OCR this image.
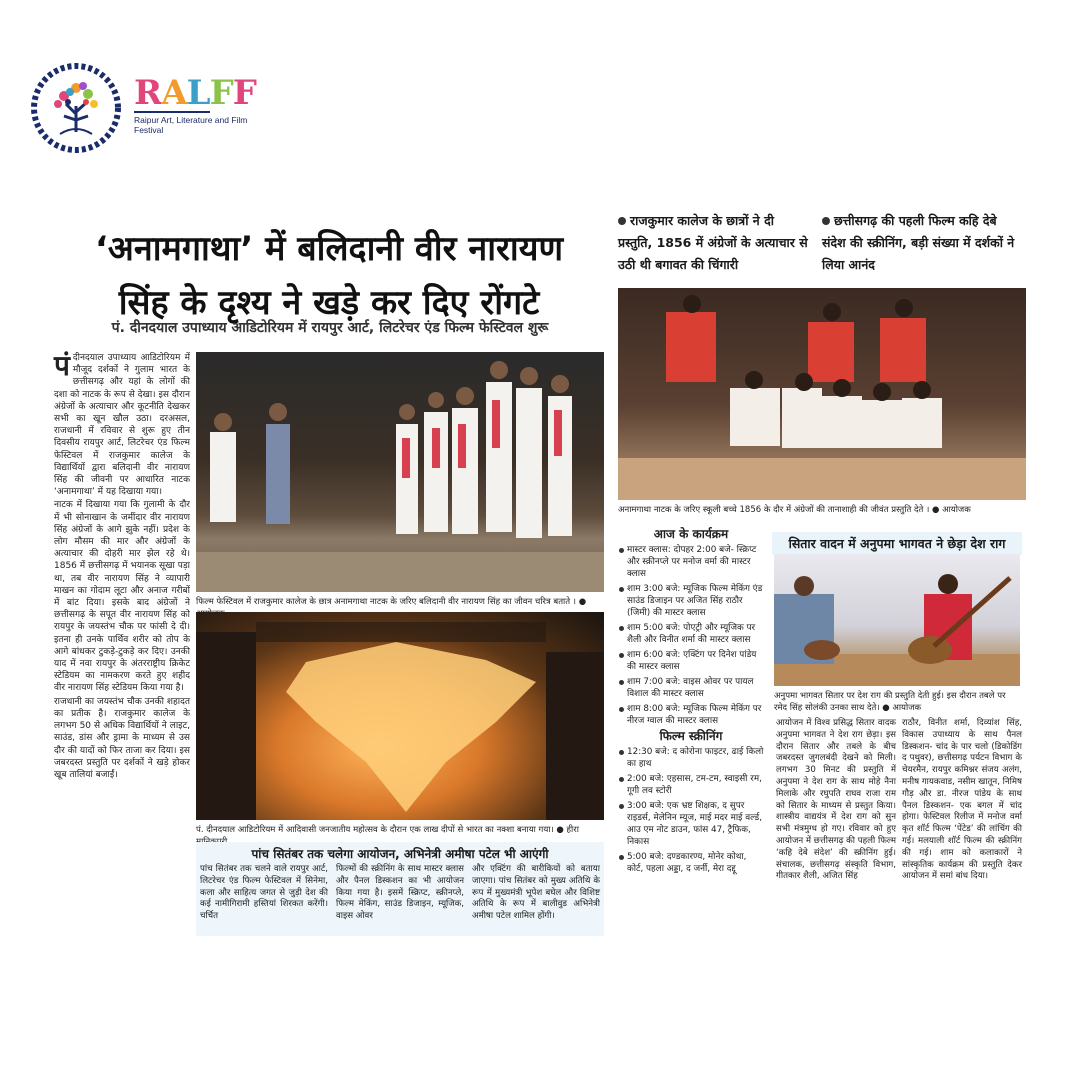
RALFF
Raipur Art, Literature and Film Festival
‘अनामगाथा’ में बलिदानी वीर नारायण
सिंह के दृश्य ने खड़े कर दिए रोंगटे
पं. दीनदयाल उपाध्याय आडिटोरियम में रायपुर आर्ट, लिटरेचर एंड फिल्म फेस्टिवल शुरू
राजकुमार कालेज के छात्रों ने दी प्रस्तुति, 1856 में अंग्रेजों के अत्याचार से उठी थी बगावत की चिंगारी
छत्तीसगढ़ की पहली फिल्म कहि देबे संदेश की स्क्रीनिंग, बड़ी संख्या में दर्शकों ने लिया आनंद

पंदीनदयाल उपाध्याय आडिटोरियम में मौजूद दर्शकों ने गुलाम भारत के छत्तीसगढ़ और यहां के लोगों की दशा को नाटक के रूप से देखा। इस दौरान अंग्रेजों के अत्याचार और कूटनीति देखकर सभी का खून खौल उठा। दरअसल, राजधानी में रविवार से शुरू हुए तीन दिवसीय रायपुर आर्ट, लिटरेचर एंड फिल्म फेस्टिवल में राजकुमार कालेज के विद्यार्थियों द्वारा बलिदानी वीर नारायण सिंह की जीवनी पर आधारित नाटक ‘अनामगाथा’ में यह दिखाया गया।

नाटक में दिखाया गया कि गुलामी के दौर में भी सोनाखान के जमींदार वीर नारायण सिंह अंग्रेजों के आगे झुके नहीं। प्रदेश के लोग मौसम की मार और अंग्रेजों के अत्याचार की दोहरी मार झेल रहे थे। 1856 में छत्तीसगढ़ में भयानक सूखा पड़ा था, तब वीर नारायण सिंह ने व्यापारी माखन का गोदाम लूटा और अनाज गरीबों में बांट दिया। इसके बाद अंग्रेजों ने छत्तीसगढ़ के सपूत वीर नारायण सिंह को रायपुर के जयस्तंभ चौक पर फांसी दे दी। इतना ही उनके पार्थिव शरीर को तोप के आगे बांधकर टुकड़े-टुकड़े कर दिए। उनकी याद में नवा रायपुर के अंतरराष्ट्रीय क्रिकेट स्टेडियम का नामकरण करते हुए शहीद वीर नारायण सिंह स्टेडियम किया गया है।

राजधानी का जयस्तंभ चौक उनकी शहादत का प्रतीक है। राजकुमार कालेज के लगभग 50 से अधिक विद्यार्थियों ने लाइट, साउंड, डांस और ड्रामा के माध्यम से उस दौर की यादों को फिर ताजा कर दिया। इस जबरदस्त प्रस्तुति पर दर्शकों ने खड़े होकर खूब तालियां बजाईं।

फिल्म फेस्टिवल में राजकुमार कालेज के छात्र अनामगाथा नाटक के जरिए बलिदानी वीर नारायण सिंह का जीवन चरित्र बताते । ●
पं. दीनदयाल आडिटोरियम में आदिवासी जनजातीय महोत्सव के दौरान एक लाख दीपों से भारत का नक्शा बनाया गया। ● हीरा
पांच सितंबर तक चलेगा आयोजन, अभिनेत्री अमीषा पटेल भी आएंगी
पांच सितंबर तक चलने वाले रायपुर आर्ट, लिटरेचर एंड फिल्म फेस्टिवल में सिनेमा, कला और साहित्य जगत से जुड़ी देश की कई नामीगिरामी हस्तियां शिरकत करेंगी। चर्चित
फिल्मों की स्क्रीनिंग के साथ मास्टर क्लास और पैनल डिस्कशन का भी आयोजन किया गया है। इसमें स्क्रिप्ट, स्क्रीनप्ले, फिल्म मेकिंग, साउंड डिजाइन, म्यूजिक, वाइस ओवर
और एक्टिंग की बारीकियों को बताया जाएगा। पांच सितंबर को मुख्य अतिथि के रूप में मुख्यमंत्री भूपेश बघेल और विशिष्ट अतिथि के रूप में बालीवुड अभिनेत्री अमीषा पटेल शामिल होंगी।
अनामगाथा नाटक के जरिए स्कूली बच्चे 1856 के दौर में अंग्रेजों की तानाशाही की जीवंत प्रस्तुति देते । ● आयोजक
आज के कार्यक्रम
मास्टर क्लास: दोपहर 2:00 बजे- स्क्रिप्ट और स्क्रीनप्ले पर मनोज वर्मा की मास्टर क्लास
शाम 3:00 बजे: म्यूजिक फिल्म मेकिंग एंड साउंड डिजाइन पर अजित सिंह राठौर (जिमी) की मास्टर क्लास
शाम 5:00 बजे: पोएट्री और म्यूजिक पर शैली और विनीत शर्मा की मास्टर क्लास
शाम 6:00 बजे: एक्टिंग पर दिनेश पांडेय की मास्टर क्लास
शाम 7:00 बजे: वाइस ओवर पर पायल विशाल की मास्टर क्लास
शाम 8:00 बजे: म्यूजिक फिल्म मेकिंग पर नीरज ग्वाल की मास्टर क्लास
फिल्म स्क्रीनिंग
12:30 बजे: द कोरोना फाइटर, ढाई किलो का हाथ
2:00 बजे: एहसास, टम-टम, स्वाइसी रम, गूगी लव स्टोरी
3:00 बजे: एक भ्रष्ट शिक्षक, द सुपर राइडर्स, मेलेनिन म्यूज, माई मदर माई वर्ल्ड, आउ एम नोट डाउन, फांस 47, ट्रैफिक, निकास
5:00 बजे: दण्डकारण्य, मोनेर कोथा, कोर्ट, पहला अड्डा, द जर्नी, मेरा दद्दू
सितार वादन में अनुपमा भागवत ने छेड़ा देश राग
अनुपमा भागवत सितार पर देश राग की प्रस्तुति देती हुई। इस दौरान तबले पर रमेद सिंह सोलंकी उनका साथ देते। ● आयोजक
आयोजन में विश्व प्रसिद्ध सितार वादक अनुपमा भागवत ने देश राग छेड़ा। इस दौरान सितार और तबले के बीच जबरदस्त जुगलबंदी देखने को मिली। लगभग 30 मिनट की प्रस्तुति में अनुपमा ने देश राग के साथ मोहे नैना मिलाके और रघुपति राघव राजा राम को सितार के माध्यम से प्रस्तुत किया। शास्त्रीय वाद्ययंत्र में देश राग को सुन सभी मंत्रमुग्ध हो गए। रविवार को हुए आयोजन में छत्तीसगढ़ की पहली फिल्म ‘कहि देबे संदेश’ की स्क्रीनिंग हुई। संचालक, छत्तीसगढ़ संस्कृति विभाग, गीतकार शैली, अजित सिंह
राठौर, विनीत शर्मा, दिव्यांश सिंह, विकास उपाध्याय के साथ पैनल डिस्कशन- चांद के पार चलो (डिकोडिंग द पथुवर), छत्तीसगढ़ पर्यटन विभाग के चेयरमैन, रायपुर कमिश्नर संजय अलंग, मनीष गायकवाड, नसीम खातून, निमिष गौड़ और डा. नीरज पांडेय के साथ पैनल डिस्कशन- एक बगल में चांद होगा। फेस्टिवल रिलीज में मनोज वर्मा कृत शॉर्ट फिल्म ‘पेंटेड’ की लांचिंग की गई। मलयाली शॉर्ट फिल्म की स्क्रीनिंग की गई। शाम को कलाकारों ने सांस्कृतिक कार्यक्रम की प्रस्तुति देकर आयोजन में समां बांध दिया।
